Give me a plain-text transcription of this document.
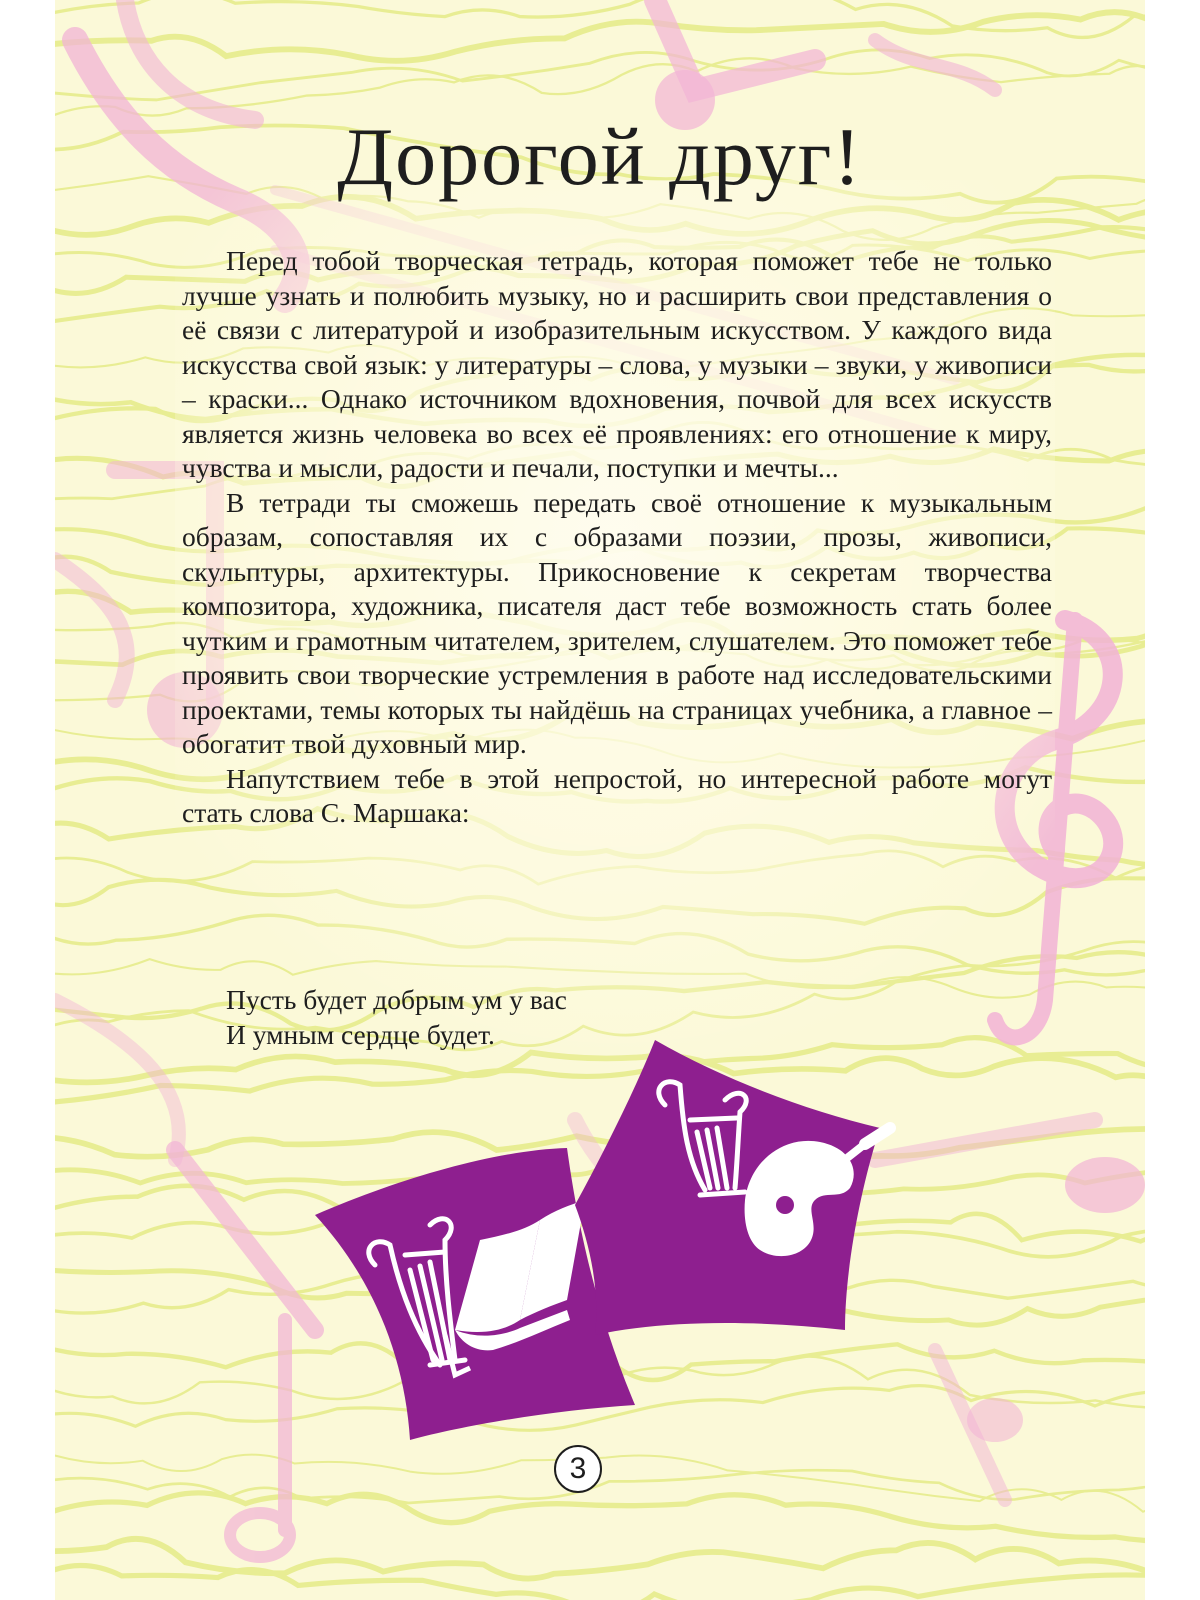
Дорогой друг!

Перед тобой творческая тетрадь, которая поможет тебе не только лучше узнать и полюбить музыку, но и расширить свои представления о её связи с литературой и изобразительным искусством. У каждого вида искусства свой язык: у литературы – слова, у музыки – звуки, у живописи – краски... Однако источником вдохновения, почвой для всех искусств является жизнь человека во всех её проявлениях: его отношение к миру, чувства и мысли, радости и печали, поступки и мечты...

В тетради ты сможешь передать своё отношение к музыкальным образам, сопоставляя их с образами поэзии, прозы, живописи, скульптуры, архитектуры. Прикосновение к секретам творчества композитора, художника, писателя даст тебе возможность стать более чутким и грамотным читателем, зрителем, слушателем. Это поможет тебе проявить свои творческие устремления в работе над исследовательскими проектами, темы которых ты найдёшь на страницах учебника, а главное – обогатит твой духовный мир.

Напутствием тебе в этой непростой, но интересной работе могут стать слова С. Маршака:

Пусть будет добрым ум у вас
И умным сердце будет.
3
